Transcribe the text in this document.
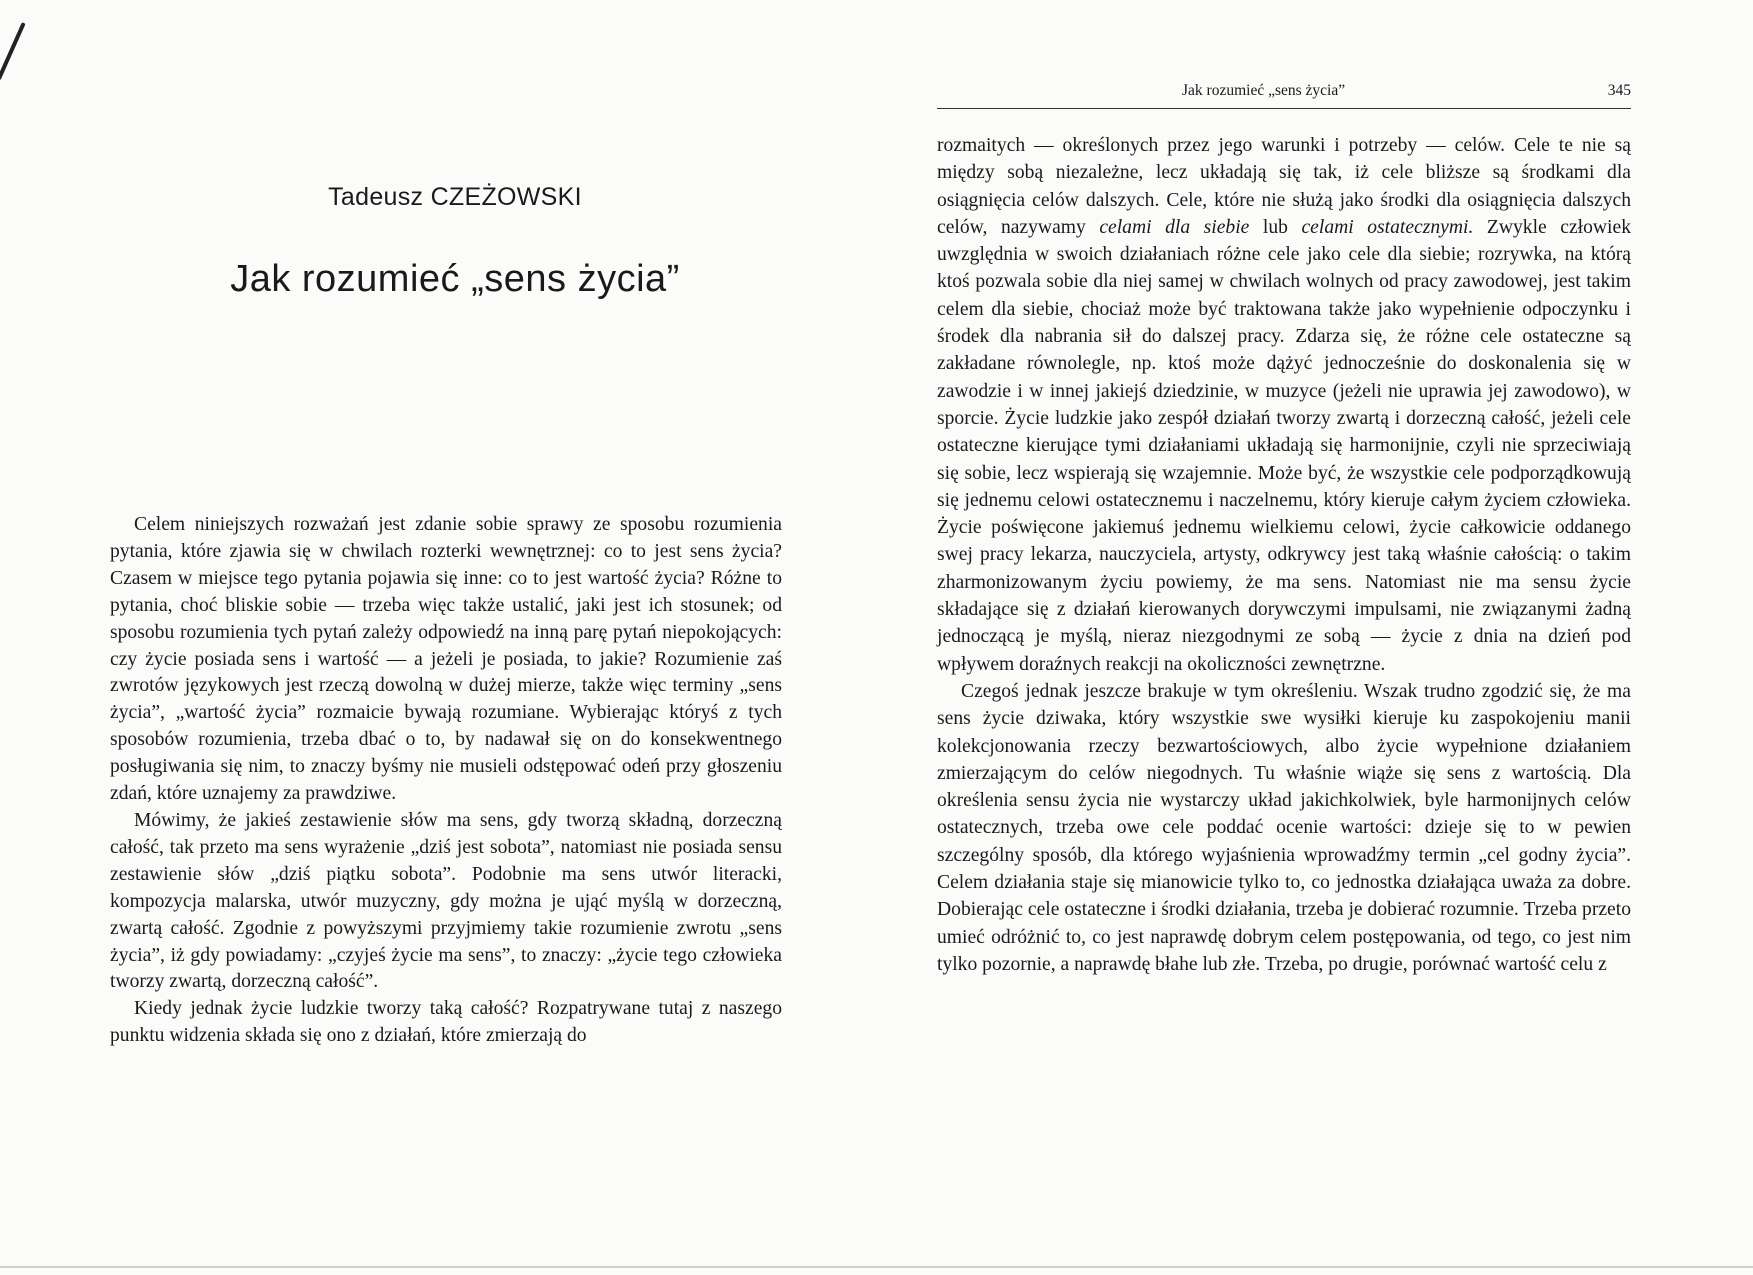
Tadeusz CZEŻOWSKI
Jak rozumieć „sens życia”

Celem niniejszych rozważań jest zdanie sobie sprawy ze sposobu rozumienia pytania, które zjawia się w chwilach rozterki wewnętrznej: co to jest sens życia? Czasem w miejsce tego pytania pojawia się inne: co to jest wartość życia? Różne to pytania, choć bliskie sobie — trzeba więc także ustalić, jaki jest ich stosunek; od sposobu rozumienia tych pytań zależy odpowiedź na inną parę pytań niepokojących: czy życie posiada sens i wartość — a jeżeli je posiada, to jakie? Rozumienie zaś zwrotów językowych jest rzeczą dowolną w dużej mierze, także więc terminy „sens życia”, „wartość życia” rozmaicie bywają rozumiane. Wybierając któryś z tych sposobów rozumienia, trzeba dbać o to, by nadawał się on do konsekwentnego posługiwania się nim, to znaczy byśmy nie musieli odstępować odeń przy głoszeniu zdań, które uznajemy za prawdziwe.

Mówimy, że jakieś zestawienie słów ma sens, gdy tworzą składną, dorzeczną całość, tak przeto ma sens wyrażenie „dziś jest sobota”, natomiast nie posiada sensu zestawienie słów „dziś piątku sobota”. Podobnie ma sens utwór literacki, kompozycja malarska, utwór muzyczny, gdy można je ująć myślą w dorzeczną, zwartą całość. Zgodnie z powyższymi przyjmiemy takie rozumienie zwrotu „sens życia”, iż gdy powiadamy: „czyjeś życie ma sens”, to znaczy: „życie tego człowieka tworzy zwartą, dorzeczną całość”.

Kiedy jednak życie ludzkie tworzy taką całość? Rozpatrywane tutaj z naszego punktu widzenia składa się ono z działań, które zmierzają do

Jak rozumieć „sens życia”	345

rozmaitych — określonych przez jego warunki i potrzeby — celów. Cele te nie są między sobą niezależne, lecz układają się tak, iż cele bliższe są środkami dla osiągnięcia celów dalszych. Cele, które nie służą jako środki dla osiągnięcia dalszych celów, nazywamy celami dla siebie lub celami ostatecznymi. Zwykle człowiek uwzględnia w swoich działaniach różne cele jako cele dla siebie; rozrywka, na którą ktoś pozwala sobie dla niej samej w chwilach wolnych od pracy zawodowej, jest takim celem dla siebie, chociaż może być traktowana także jako wypełnienie odpoczynku i środek dla nabrania sił do dalszej pracy. Zdarza się, że różne cele ostateczne są zakładane równolegle, np. ktoś może dążyć jednocześnie do doskonalenia się w zawodzie i w innej jakiejś dziedzinie, w muzyce (jeżeli nie uprawia jej zawodowo), w sporcie. Życie ludzkie jako zespół działań tworzy zwartą i dorzeczną całość, jeżeli cele ostateczne kierujące tymi działaniami układają się harmonijnie, czyli nie sprzeciwiają się sobie, lecz wspierają się wzajemnie. Może być, że wszystkie cele podporządkowują się jednemu celowi ostatecznemu i naczelnemu, który kieruje całym życiem człowieka. Życie poświęcone jakiemuś jednemu wielkiemu celowi, życie całkowicie oddanego swej pracy lekarza, nauczyciela, artysty, odkrywcy jest taką właśnie całością: o takim zharmonizowanym życiu powiemy, że ma sens. Natomiast nie ma sensu życie składające się z działań kierowanych dorywczymi impulsami, nie związanymi żadną jednoczącą je myślą, nieraz niezgodnymi ze sobą — życie z dnia na dzień pod wpływem doraźnych reakcji na okoliczności zewnętrzne.

Czegoś jednak jeszcze brakuje w tym określeniu. Wszak trudno zgodzić się, że ma sens życie dziwaka, który wszystkie swe wysiłki kieruje ku zaspokojeniu manii kolekcjonowania rzeczy bezwartościowych, albo życie wypełnione działaniem zmierzającym do celów niegodnych. Tu właśnie wiąże się sens z wartością. Dla określenia sensu życia nie wystarczy układ jakichkolwiek, byle harmonijnych celów ostatecznych, trzeba owe cele poddać ocenie wartości: dzieje się to w pewien szczególny sposób, dla którego wyjaśnienia wprowadźmy termin „cel godny życia”. Celem działania staje się mianowicie tylko to, co jednostka działająca uważa za dobre. Dobierając cele ostateczne i środki działania, trzeba je dobierać rozumnie. Trzeba przeto umieć odróżnić to, co jest naprawdę dobrym celem postępowania, od tego, co jest nim tylko pozornie, a naprawdę błahe lub złe. Trzeba, po drugie, porównać wartość celu z
